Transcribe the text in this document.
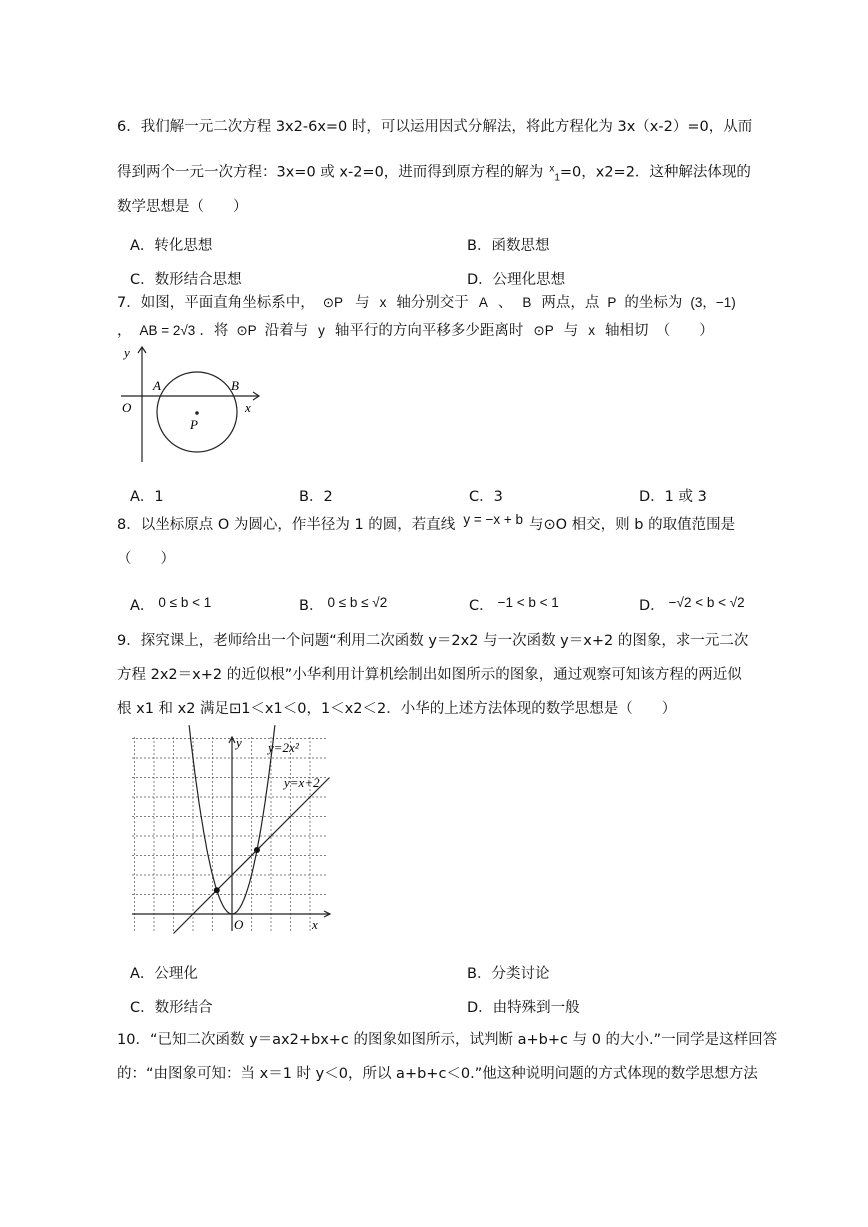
6．我们解一元二次方程 3x2-6x=0 时，可以运用因式分解法，将此方程化为 3x（x-2）=0，从而
得到两个一元一次方程：3x=0 或 x-2=0，进而得到原方程的解为 $^x_1$=0，x2=2．这种解法体现的
数学思想是（　　）
A．转化思想	B．函数思想
C．数形结合思想	D．公理化思想
7．如图，平面直角坐标系中， ⊙P 与 x 轴分别交于 A 、 B 两点，点 P 的坐标为 (3，−1)
， AB = 2√3 ．将 ⊙P 沿着与 y 轴平行的方向平移多少距离时 ⊙P 与 x 轴相切　（　　）
y
x
O
A	B
P
A．1	B．2	C．3	D．1 或 3
8．以坐标原点 O 为圆心，作半径为 1 的圆，若直线 y = −x + b 与⊙O 相交，则 b 的取值范围是
（　　）
A． 0 ≤ b < 1	B． 0 ≤ b ≤ √2	C． −1 < b < 1	D． −√2 < b < √2
9．探究课上，老师给出一个问题“利用二次函数 y＝2x2 与一次函数 y＝x+2 的图象，求一元二次
方程 2x2＝x+2 的近似根”小华利用计算机绘制出如图所示的图象，通过观察可知该方程的两近似
根 x1 和 x2 满足⊡1＜x1＜0，1＜x2＜2．小华的上述方法体现的数学思想是（　　）
y=2x²
y=x+2
y
x
O
A．公理化	B．分类讨论
C．数形结合	D．由特殊到一般
10．“已知二次函数 y＝ax2+bx+c 的图象如图所示，试判断 a+b+c 与 0 的大小.”一同学是这样回答
的：“由图象可知：当 x＝1 时 y＜0，所以 a+b+c＜0.”他这种说明问题的方式体现的数学思想方法
